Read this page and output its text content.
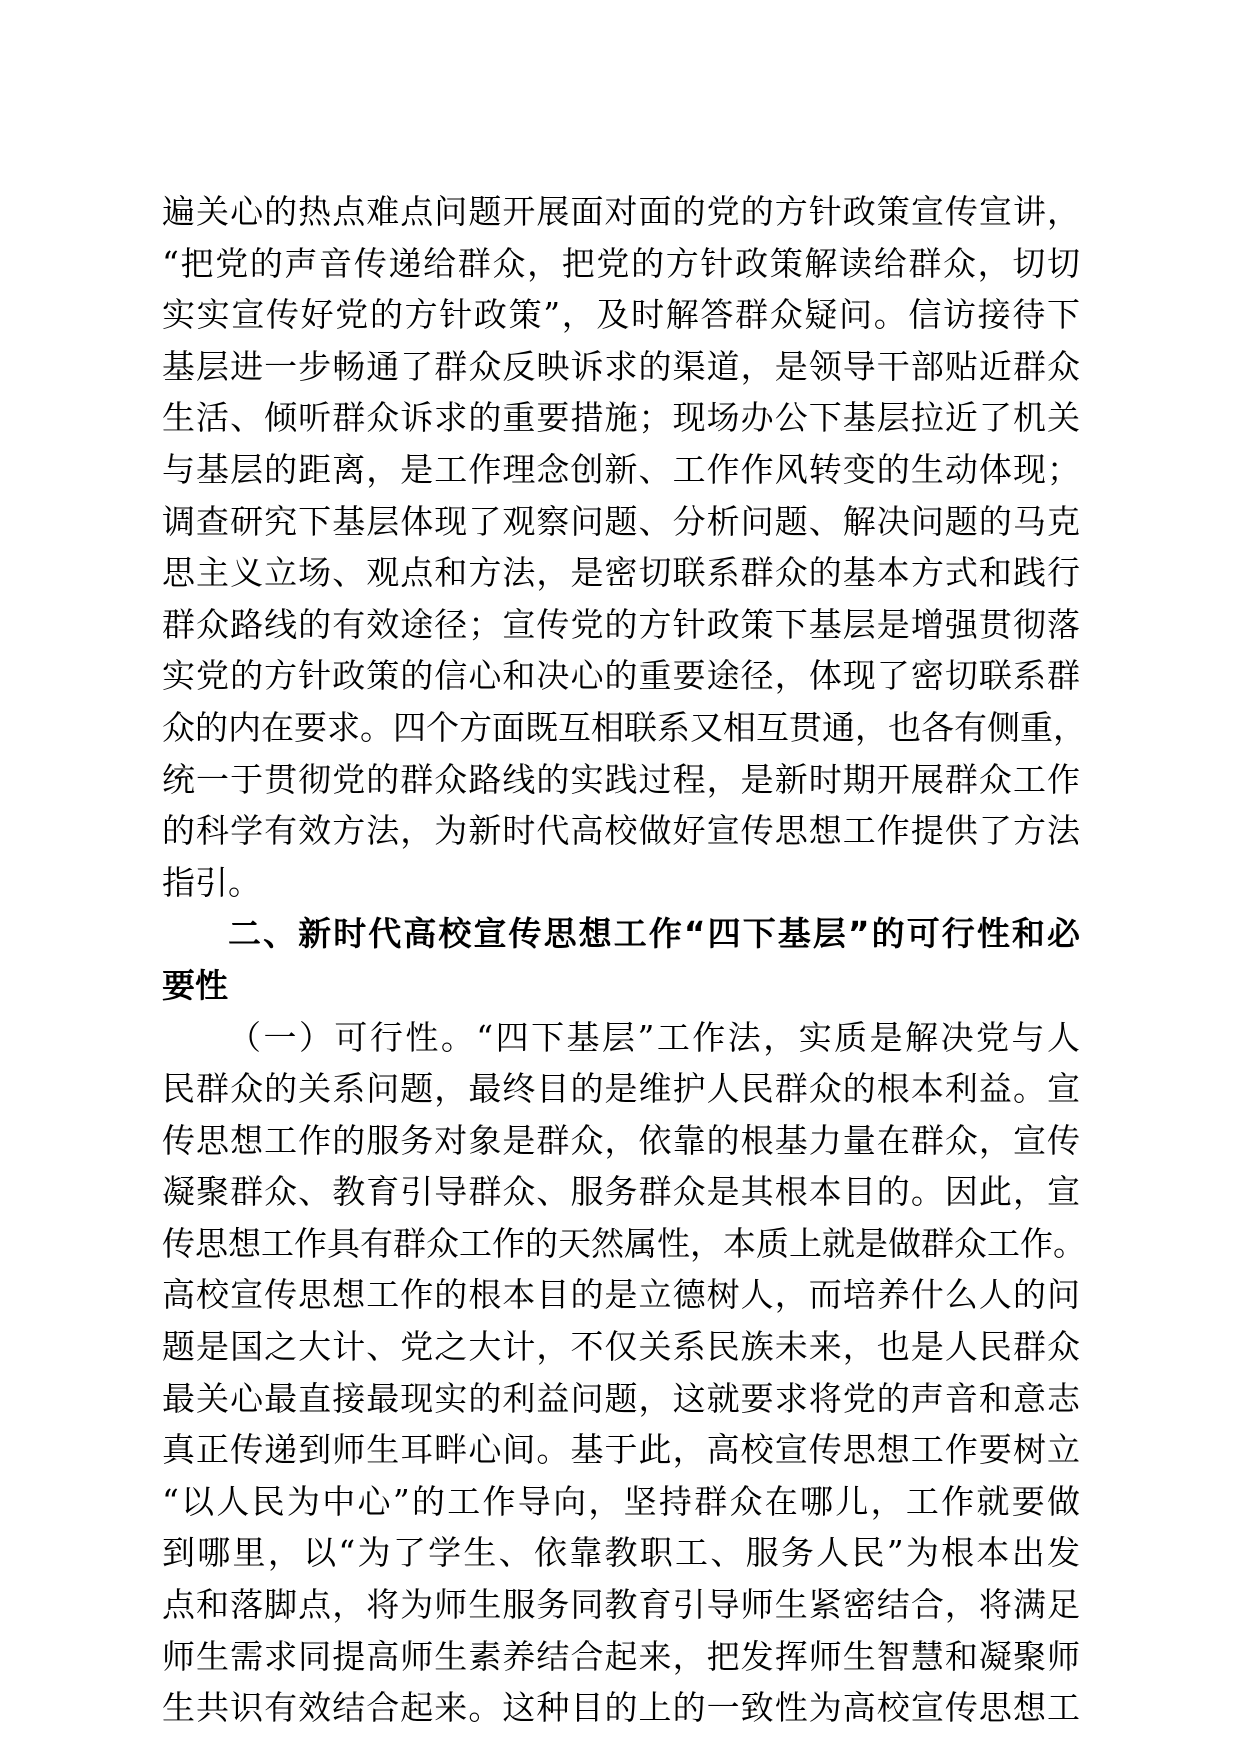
遍关心的热点难点问题开展面对面的党的方针政策宣传宣讲，
“把党的声音传递给群众，把党的方针政策解读给群众，切切
实实宣传好党的方针政策”，及时解答群众疑问。信访接待下
基层进一步畅通了群众反映诉求的渠道，是领导干部贴近群众
生活、倾听群众诉求的重要措施；现场办公下基层拉近了机关
与基层的距离，是工作理念创新、工作作风转变的生动体现；
调查研究下基层体现了观察问题、分析问题、解决问题的马克
思主义立场、观点和方法，是密切联系群众的基本方式和践行
群众路线的有效途径；宣传党的方针政策下基层是增强贯彻落
实党的方针政策的信心和决心的重要途径，体现了密切联系群
众的内在要求。四个方面既互相联系又相互贯通，也各有侧重，
统一于贯彻党的群众路线的实践过程，是新时期开展群众工作
的科学有效方法，为新时代高校做好宣传思想工作提供了方法
指引。
二、新时代高校宣传思想工作“四下基层”的可行性和必
要性
（一）可行性。“四下基层”工作法，实质是解决党与人
民群众的关系问题，最终目的是维护人民群众的根本利益。宣
传思想工作的服务对象是群众，依靠的根基力量在群众，宣传
凝聚群众、教育引导群众、服务群众是其根本目的。因此，宣
传思想工作具有群众工作的天然属性，本质上就是做群众工作。
高校宣传思想工作的根本目的是立德树人，而培养什么人的问
题是国之大计、党之大计，不仅关系民族未来，也是人民群众
最关心最直接最现实的利益问题，这就要求将党的声音和意志
真正传递到师生耳畔心间。基于此，高校宣传思想工作要树立
“以人民为中心”的工作导向，坚持群众在哪儿，工作就要做
到哪里，以“为了学生、依靠教职工、服务人民”为根本出发
点和落脚点，将为师生服务同教育引导师生紧密结合，将满足
师生需求同提高师生素养结合起来，把发挥师生智慧和凝聚师
生共识有效结合起来。这种目的上的一致性为高校宣传思想工
